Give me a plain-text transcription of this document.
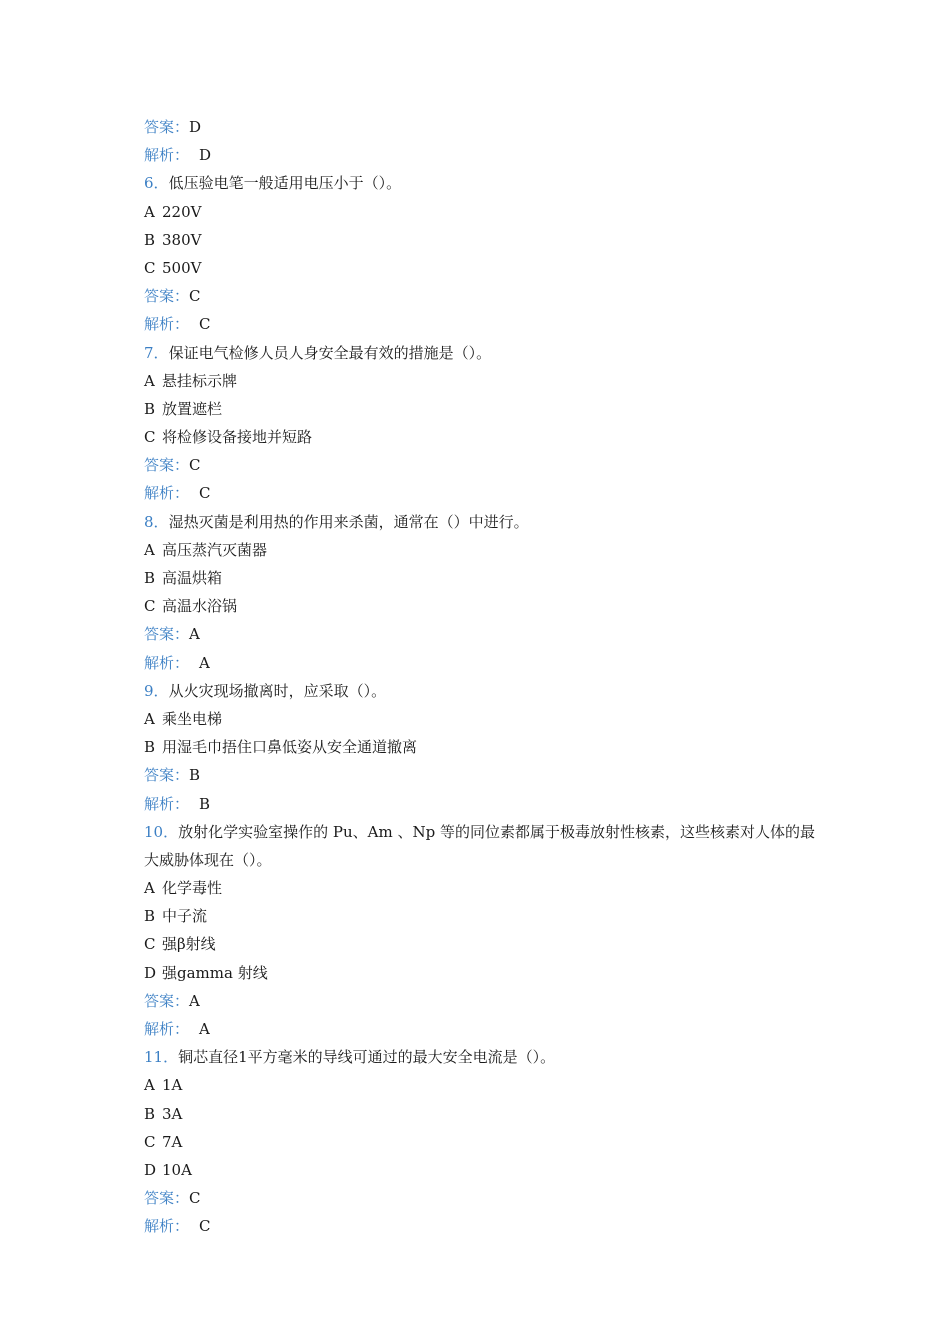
答案：D
解析： D
6．低压验电笔一般适用电压小于（）。
A 220V
B 380V
C 500V
答案：C
解析： C
7．保证电气检修人员人身安全最有效的措施是（）。
A 悬挂标示牌
B 放置遮栏
C 将检修设备接地并短路
答案：C
解析： C
8．湿热灭菌是利用热的作用来杀菌，通常在（）中进行。
A 高压蒸汽灭菌器
B 高温烘箱
C 高温水浴锅
答案：A
解析： A
9．从火灾现场撤离时，应采取（）。
A 乘坐电梯
B 用湿毛巾捂住口鼻低姿从安全通道撤离
答案：B
解析： B
10．放射化学实验室操作的 Pu、Am 、Np 等的同位素都属于极毒放射性核素，这些核素对人体的最大威胁体现在（）。
A 化学毒性
B 中子流
C 强β射线
D 强gamma 射线
答案：A
解析： A
11．铜芯直径1平方毫米的导线可通过的最大安全电流是（）。
A 1A
B 3A
C 7A
D 10A
答案：C
解析： C
